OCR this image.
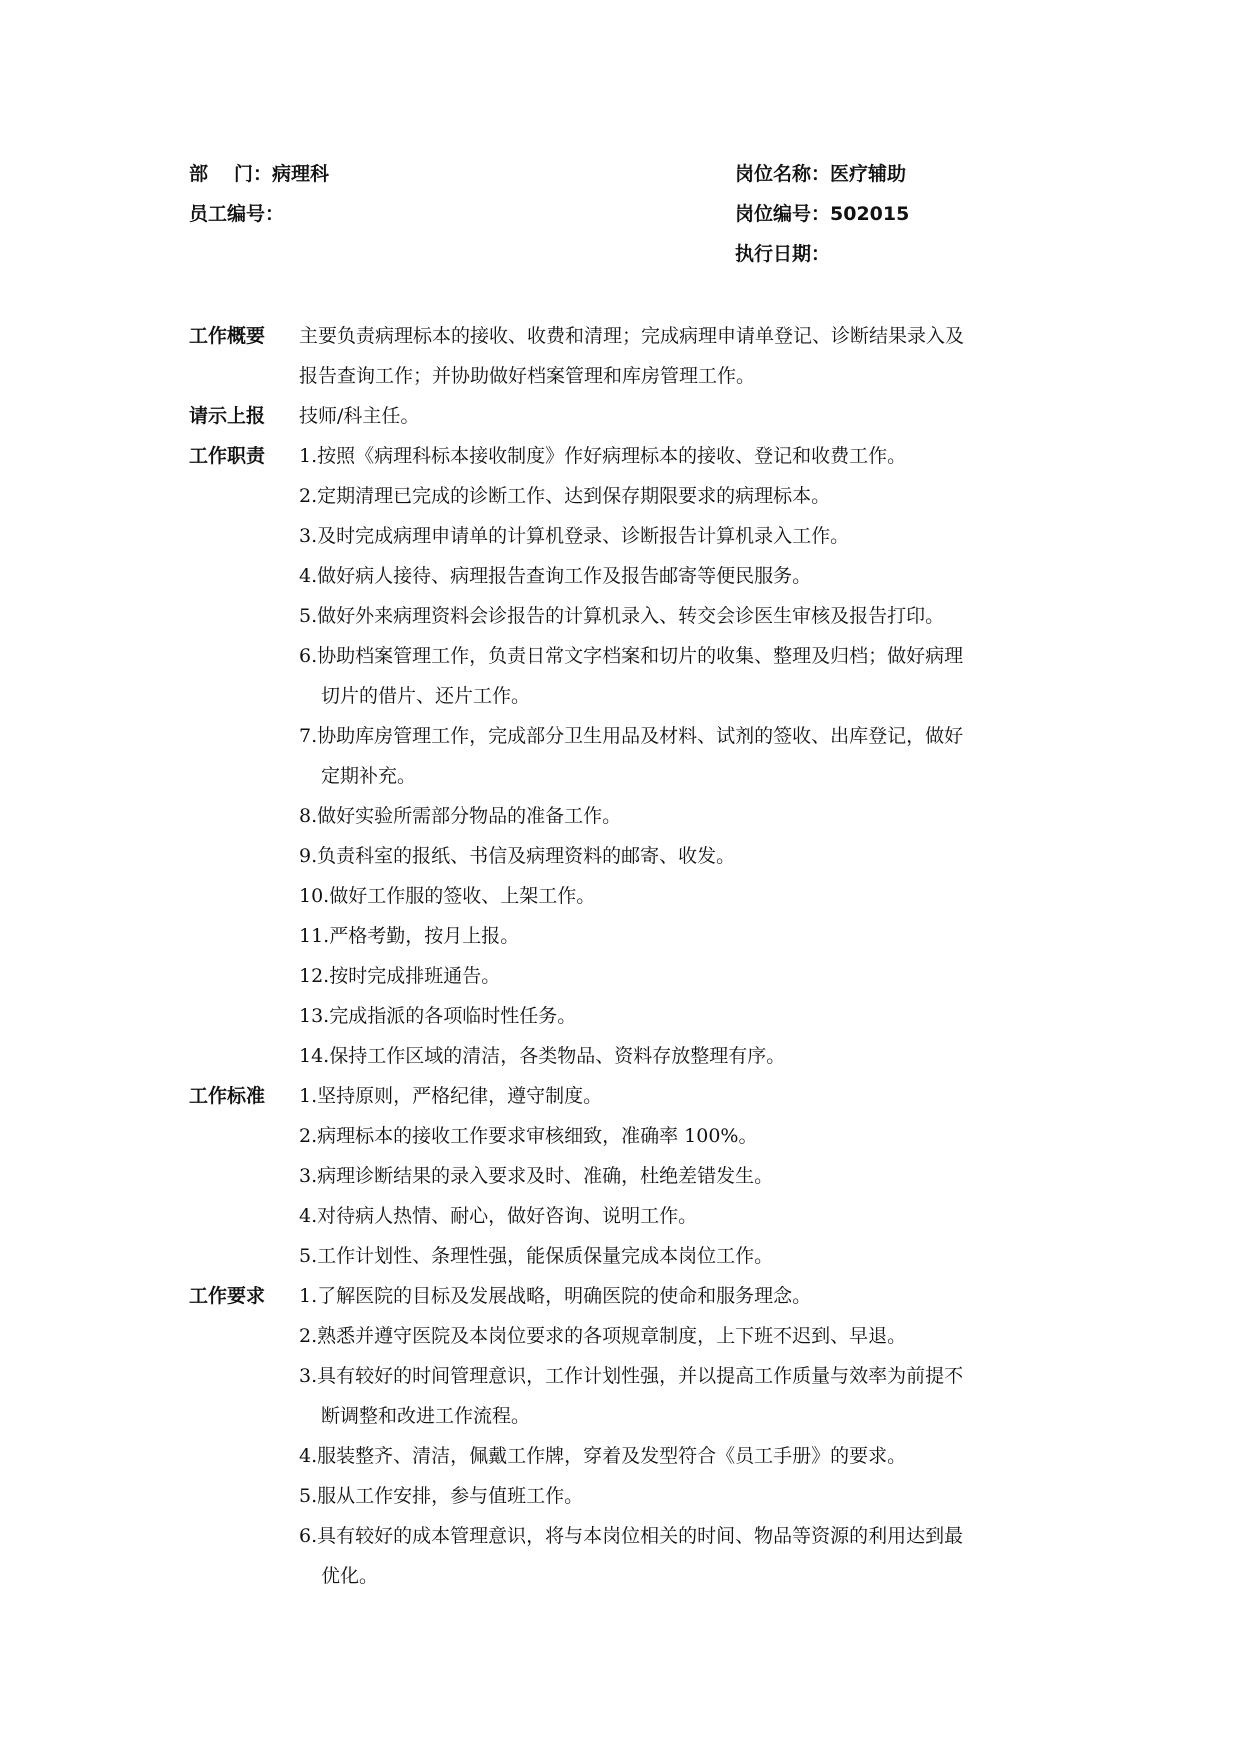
部门：病理科
员工编号：
岗位名称：医疗辅助
岗位编号：502015
执行日期：
工作概要	主要负责病理标本的接收、收费和清理；完成病理申请单登记、诊断结果录入及
报告查询工作；并协助做好档案管理和库房管理工作。
请示上报	技师/科主任。
工作职责	1.按照《病理科标本接收制度》作好病理标本的接收、登记和收费工作。
2.定期清理已完成的诊断工作、达到保存期限要求的病理标本。
3.及时完成病理申请单的计算机登录、诊断报告计算机录入工作。
4.做好病人接待、病理报告查询工作及报告邮寄等便民服务。
5.做好外来病理资料会诊报告的计算机录入、转交会诊医生审核及报告打印。
6.协助档案管理工作，负责日常文字档案和切片的收集、整理及归档；做好病理
切片的借片、还片工作。
7.协助库房管理工作，完成部分卫生用品及材料、试剂的签收、出库登记，做好
定期补充。
8.做好实验所需部分物品的准备工作。
9.负责科室的报纸、书信及病理资料的邮寄、收发。
10.做好工作服的签收、上架工作。
11.严格考勤，按月上报。
12.按时完成排班通告。
13.完成指派的各项临时性任务。
14.保持工作区域的清洁，各类物品、资料存放整理有序。
工作标准	1.坚持原则，严格纪律，遵守制度。
2.病理标本的接收工作要求审核细致，准确率 100%。
3.病理诊断结果的录入要求及时、准确，杜绝差错发生。
4.对待病人热情、耐心，做好咨询、说明工作。
5.工作计划性、条理性强，能保质保量完成本岗位工作。
工作要求	1.了解医院的目标及发展战略，明确医院的使命和服务理念。
2.熟悉并遵守医院及本岗位要求的各项规章制度，上下班不迟到、早退。
3.具有较好的时间管理意识，工作计划性强，并以提高工作质量与效率为前提不
断调整和改进工作流程。
4.服装整齐、清洁，佩戴工作牌，穿着及发型符合《员工手册》的要求。
5.服从工作安排，参与值班工作。
6.具有较好的成本管理意识，将与本岗位相关的时间、物品等资源的利用达到最
优化。
